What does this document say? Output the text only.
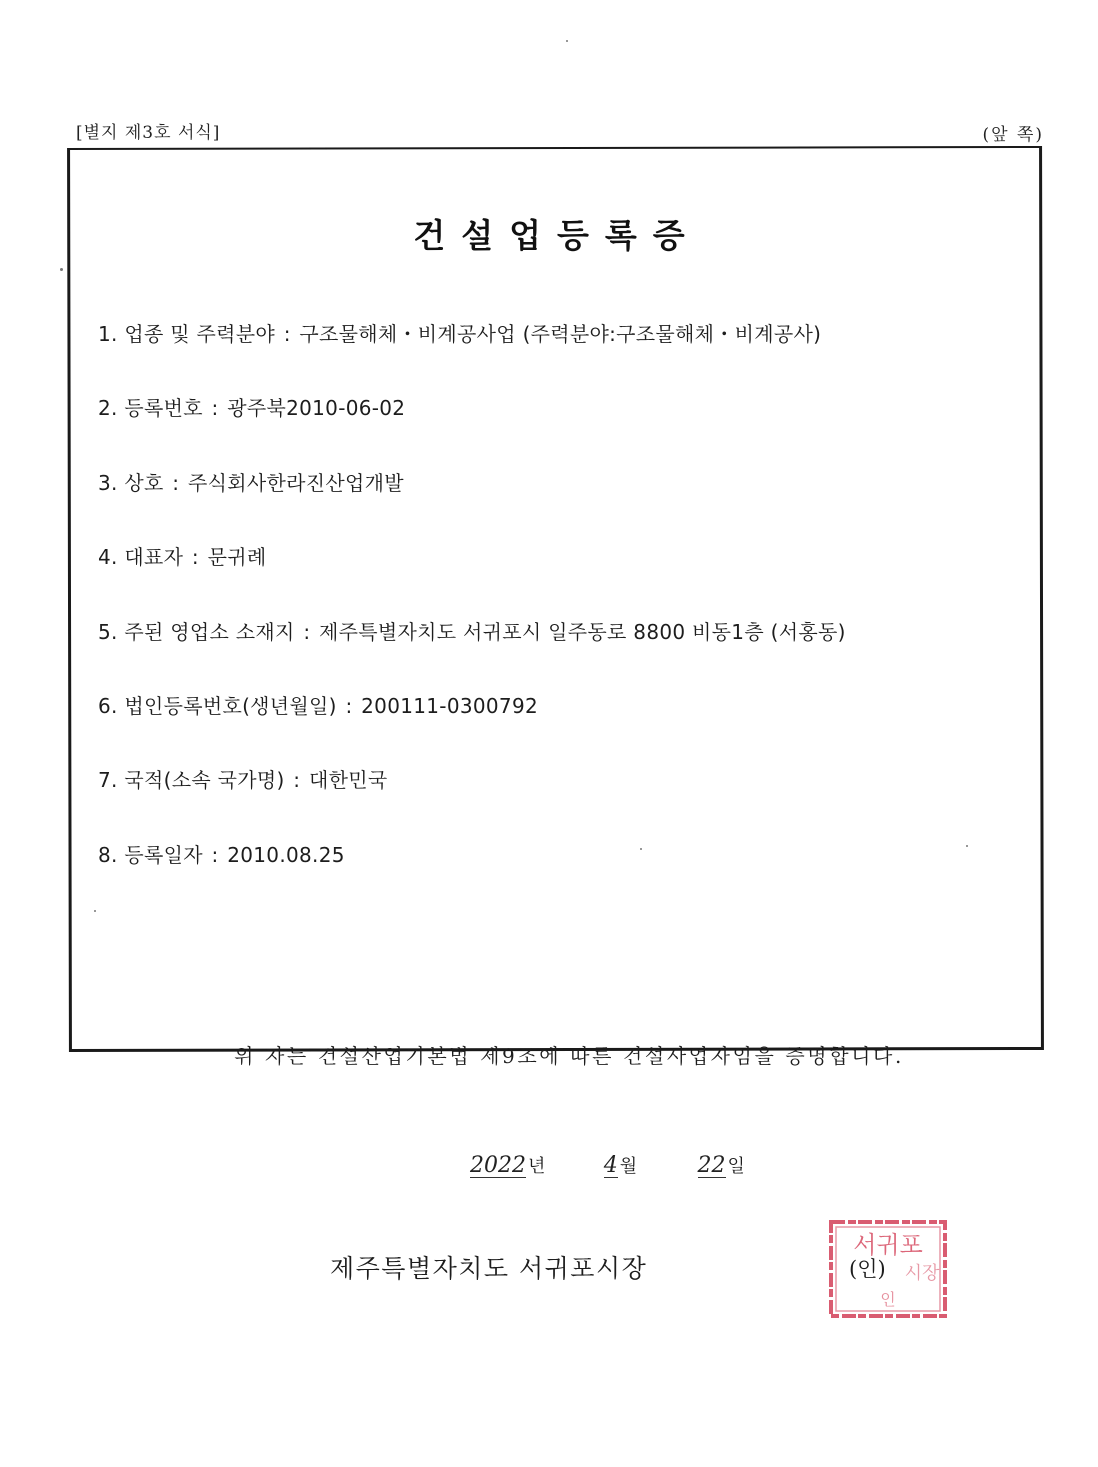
[별지 제3호 서식]	(앞 쪽)
건설업등록증
1. 업종 및 주력분야 : 구조물해체・비계공사업 (주력분야:구조물해체・비계공사)
2. 등록번호 : 광주북2010-06-02
3. 상호 : 주식회사한라진산업개발
4. 대표자 : 문귀례
5. 주된 영업소 소재지 : 제주특별자치도 서귀포시 일주동로 8800 비동1층 (서홍동)
6. 법인등록번호(생년월일) : 200111-0300792
7. 국적(소속 국가명) : 대한민국
8. 등록일자 : 2010.08.25
위 자는 건설산업기본법 제9조에 따른 건설사업자임을 증명합니다.
2022 년	4 월	22 일
제주특별자치도 서귀포시장
서귀포
시장
인
(인)
